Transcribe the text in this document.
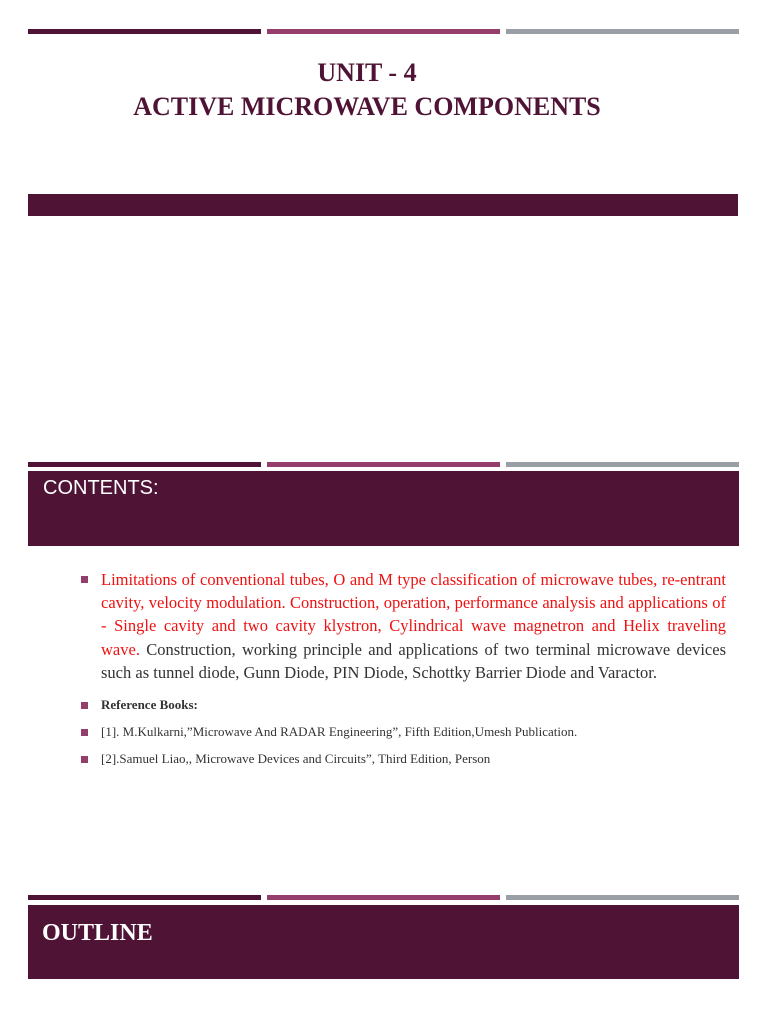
UNIT - 4
ACTIVE MICROWAVE COMPONENTS
CONTENTS:
Limitations of conventional tubes, O and M type classification of microwave tubes, re-entrant cavity, velocity modulation. Construction, operation, performance analysis and applications of - Single cavity and two cavity klystron, Cylindrical wave magnetron and Helix traveling wave. Construction, working principle and applications of two terminal microwave devices such as tunnel diode, Gunn Diode, PIN Diode, Schottky Barrier Diode and Varactor.
Reference Books:
[1]. M.Kulkarni,”Microwave And RADAR Engineering”, Fifth Edition,Umesh Publication.
[2].Samuel Liao,, Microwave Devices and Circuits”, Third Edition, Person
OUTLINE
